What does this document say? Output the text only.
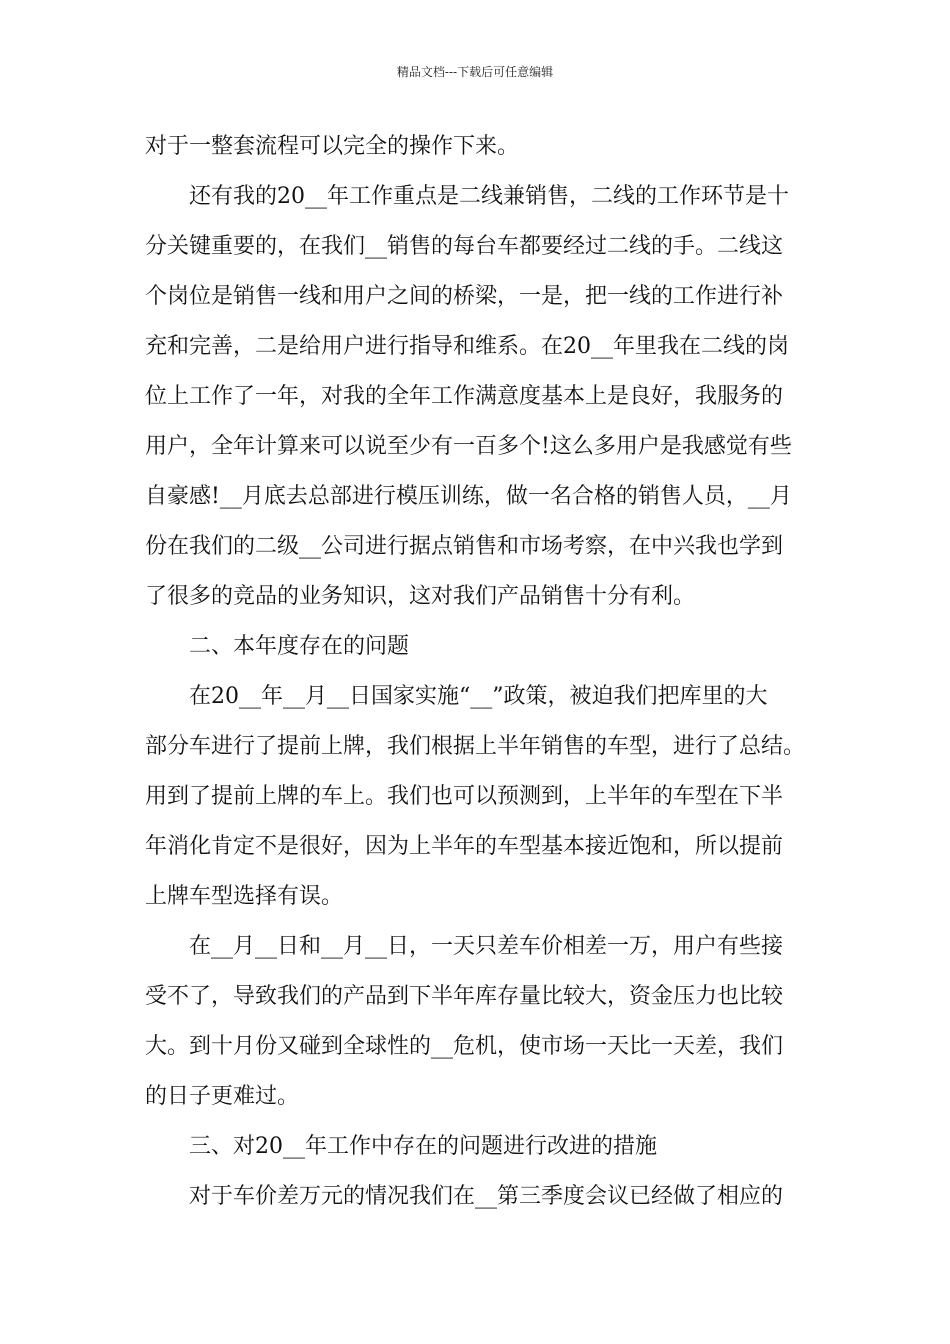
精品文档---下载后可任意编辑
对于一整套流程可以完全的操作下来。
还有我的20__年工作重点是二线兼销售，二线的工作环节是十
分关键重要的，在我们__销售的每台车都要经过二线的手。二线这
个岗位是销售一线和用户之间的桥梁，一是，把一线的工作进行补
充和完善，二是给用户进行指导和维系。在20__年里我在二线的岗
位上工作了一年，对我的全年工作满意度基本上是良好，我服务的
用户，全年计算来可以说至少有一百多个!这么多用户是我感觉有些
自豪感!__月底去总部进行模压训练，做一名合格的销售人员，__月
份在我们的二级__公司进行据点销售和市场考察，在中兴我也学到
了很多的竞品的业务知识，这对我们产品销售十分有利。
二、本年度存在的问题
在20__年__月__日国家实施“__”政策，被迫我们把库里的大
部分车进行了提前上牌，我们根据上半年销售的车型，进行了总结。
用到了提前上牌的车上。我们也可以预测到，上半年的车型在下半
年消化肯定不是很好，因为上半年的车型基本接近饱和，所以提前
上牌车型选择有误。
在__月__日和__月__日，一天只差车价相差一万，用户有些接
受不了，导致我们的产品到下半年库存量比较大，资金压力也比较
大。到十月份又碰到全球性的__危机，使市场一天比一天差，我们
的日子更难过。
三、对20__年工作中存在的问题进行改进的措施
对于车价差万元的情况我们在__第三季度会议已经做了相应的
